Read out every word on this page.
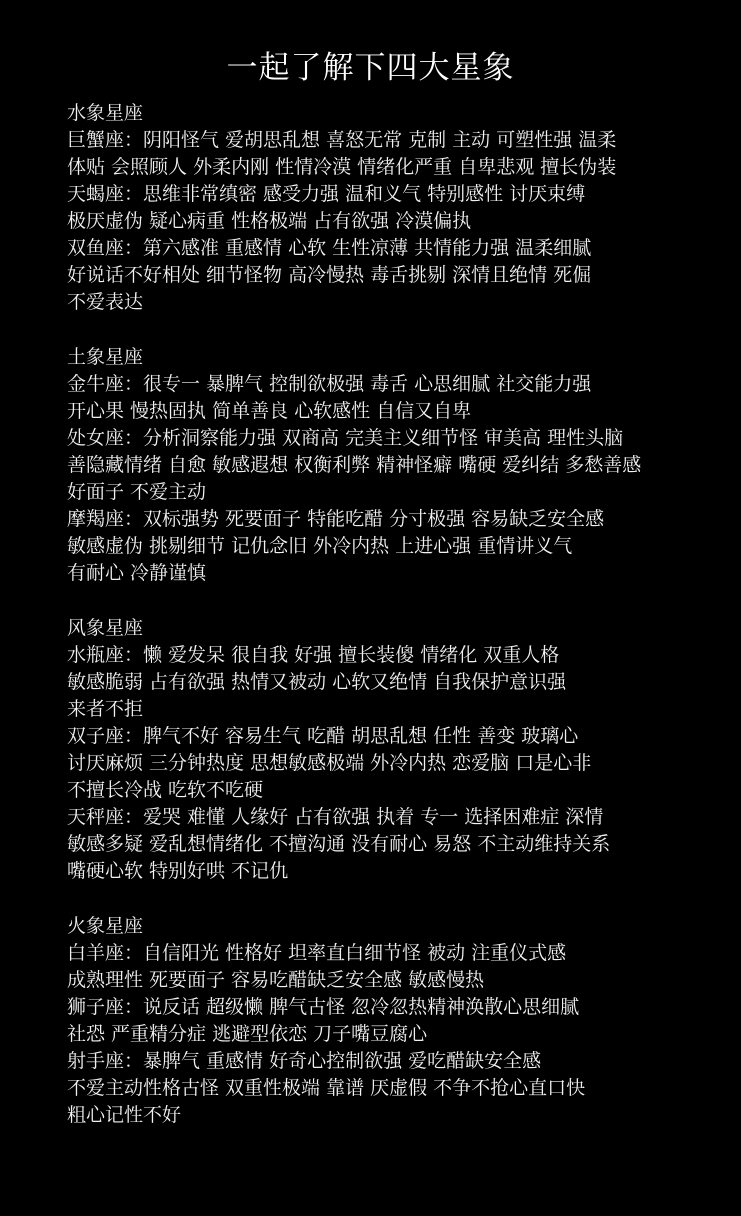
一起了解下四大星象
水象星座
巨蟹座：阴阳怪气 爱胡思乱想 喜怒无常 克制 主动 可塑性强 温柔
体贴 会照顾人 外柔内刚 性情冷漠 情绪化严重 自卑悲观 擅长伪装
天蝎座：思维非常缜密 感受力强 温和义气 特别感性 讨厌束缚
极厌虚伪 疑心病重 性格极端 占有欲强 冷漠偏执
双鱼座：第六感准 重感情 心软 生性凉薄 共情能力强 温柔细腻
好说话不好相处 细节怪物 高冷慢热 毒舌挑剔 深情且绝情 死倔
不爱表达
土象星座
金牛座：很专一 暴脾气 控制欲极强 毒舌 心思细腻 社交能力强
开心果 慢热固执 简单善良 心软感性 自信又自卑
处女座：分析洞察能力强 双商高 完美主义细节怪 审美高 理性头脑
善隐藏情绪 自愈 敏感遐想 权衡利弊 精神怪癖 嘴硬 爱纠结 多愁善感
好面子 不爱主动
摩羯座：双标强势 死要面子 特能吃醋 分寸极强 容易缺乏安全感
敏感虚伪 挑剔细节 记仇念旧 外冷内热 上进心强 重情讲义气
有耐心 冷静谨慎
风象星座
水瓶座：懒 爱发呆 很自我 好强 擅长装傻 情绪化 双重人格
敏感脆弱 占有欲强 热情又被动 心软又绝情 自我保护意识强
来者不拒
双子座：脾气不好 容易生气 吃醋 胡思乱想 任性 善变 玻璃心
讨厌麻烦 三分钟热度 思想敏感极端 外冷内热 恋爱脑 口是心非
不擅长冷战 吃软不吃硬
天秤座：爱哭 难懂 人缘好 占有欲强 执着 专一 选择困难症 深情
敏感多疑 爱乱想情绪化 不擅沟通 没有耐心 易怒 不主动维持关系
嘴硬心软 特别好哄 不记仇
火象星座
白羊座：自信阳光 性格好 坦率直白细节怪 被动 注重仪式感
成熟理性 死要面子 容易吃醋缺乏安全感 敏感慢热
狮子座：说反话 超级懒 脾气古怪 忽冷忽热精神涣散心思细腻
社恐 严重精分症 逃避型依恋 刀子嘴豆腐心
射手座：暴脾气 重感情 好奇心控制欲强 爱吃醋缺安全感
不爱主动性格古怪 双重性极端 靠谱 厌虚假 不争不抢心直口快
粗心记性不好
